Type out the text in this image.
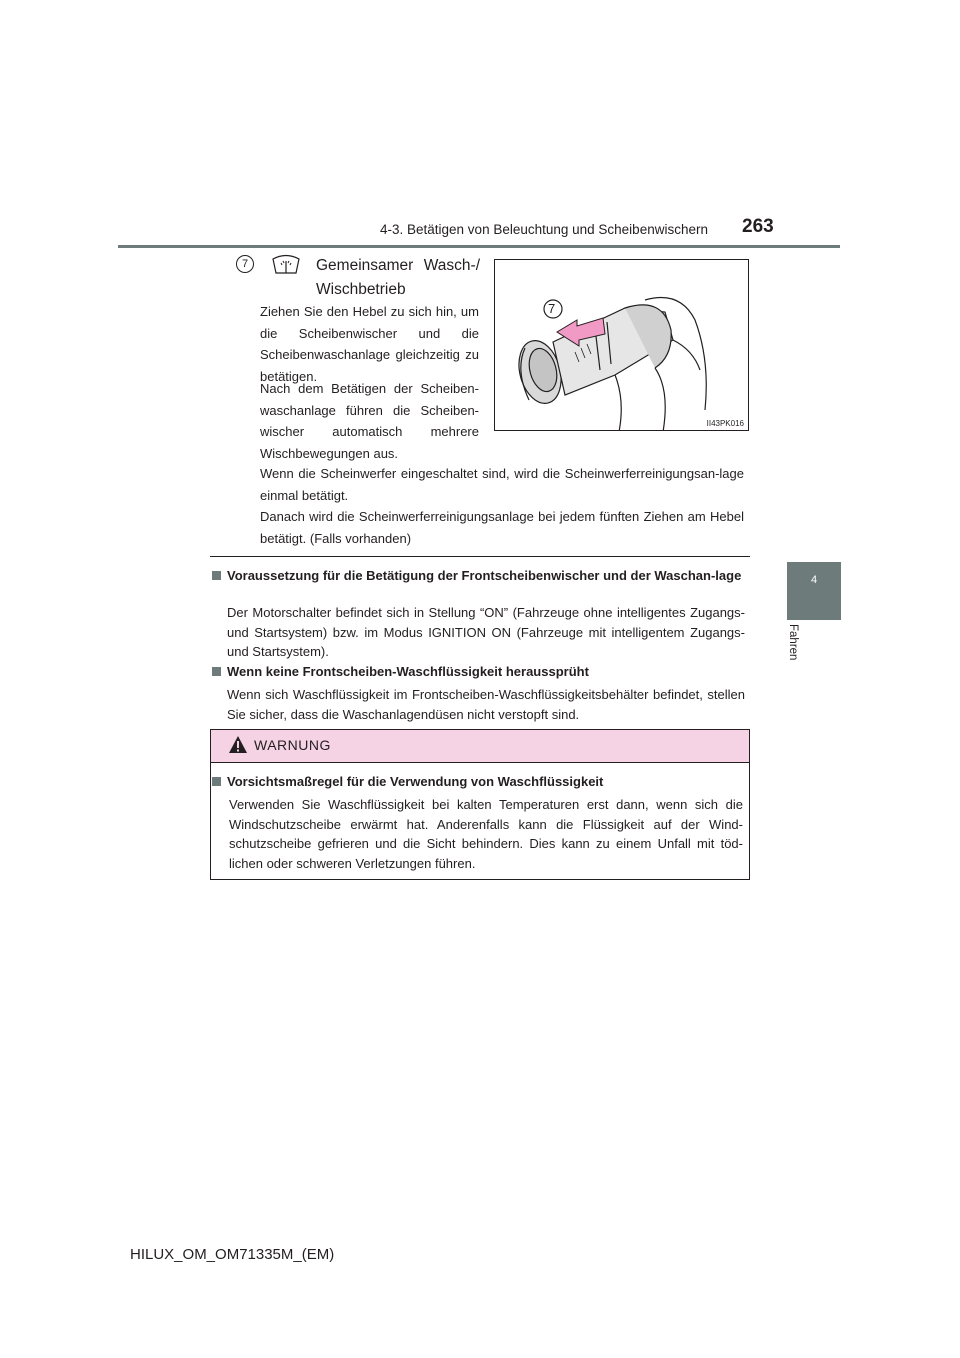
4-3. Betätigen von Beleuchtung und Scheibenwischern 263
4
Fahren
7	Gemeinsamer Wasch-/
Wischbetrieb
Ziehen Sie den Hebel zu sich hin, um die Scheibenwischer und die Scheibenwaschanlage gleichzeitig zu betätigen.
Nach dem Betätigen der Scheiben-waschanlage führen die Scheiben-wischer automatisch mehrere Wischbewegungen aus.
Wenn die Scheinwerfer eingeschaltet sind, wird die Scheinwerferreinigungsan-lage einmal betätigt.
Danach wird die Scheinwerferreinigungsanlage bei jedem fünften Ziehen am Hebel betätigt. (Falls vorhanden)
7
II43PK016
Voraussetzung für die Betätigung der Frontscheibenwischer und der Waschan-lage
Der Motorschalter befindet sich in Stellung “ON” (Fahrzeuge ohne intelligentes Zugangs- und Startsystem) bzw. im Modus IGNITION ON (Fahrzeuge mit intelligentem Zugangs- und Startsystem).
Wenn keine Frontscheiben-Waschflüssigkeit heraussprüht
Wenn sich Waschflüssigkeit im Frontscheiben-Waschflüssigkeitsbehälter befindet, stellen Sie sicher, dass die Waschanlagendüsen nicht verstopft sind.
WARNUNG
Vorsichtsmaßregel für die Verwendung von Waschflüssigkeit
Verwenden Sie Waschflüssigkeit bei kalten Temperaturen erst dann, wenn sich die Windschutzscheibe erwärmt hat. Anderenfalls kann die Flüssigkeit auf der Wind-schutzscheibe gefrieren und die Sicht behindern. Dies kann zu einem Unfall mit töd-lichen oder schweren Verletzungen führen.
HILUX_OM_OM71335M_(EM)
